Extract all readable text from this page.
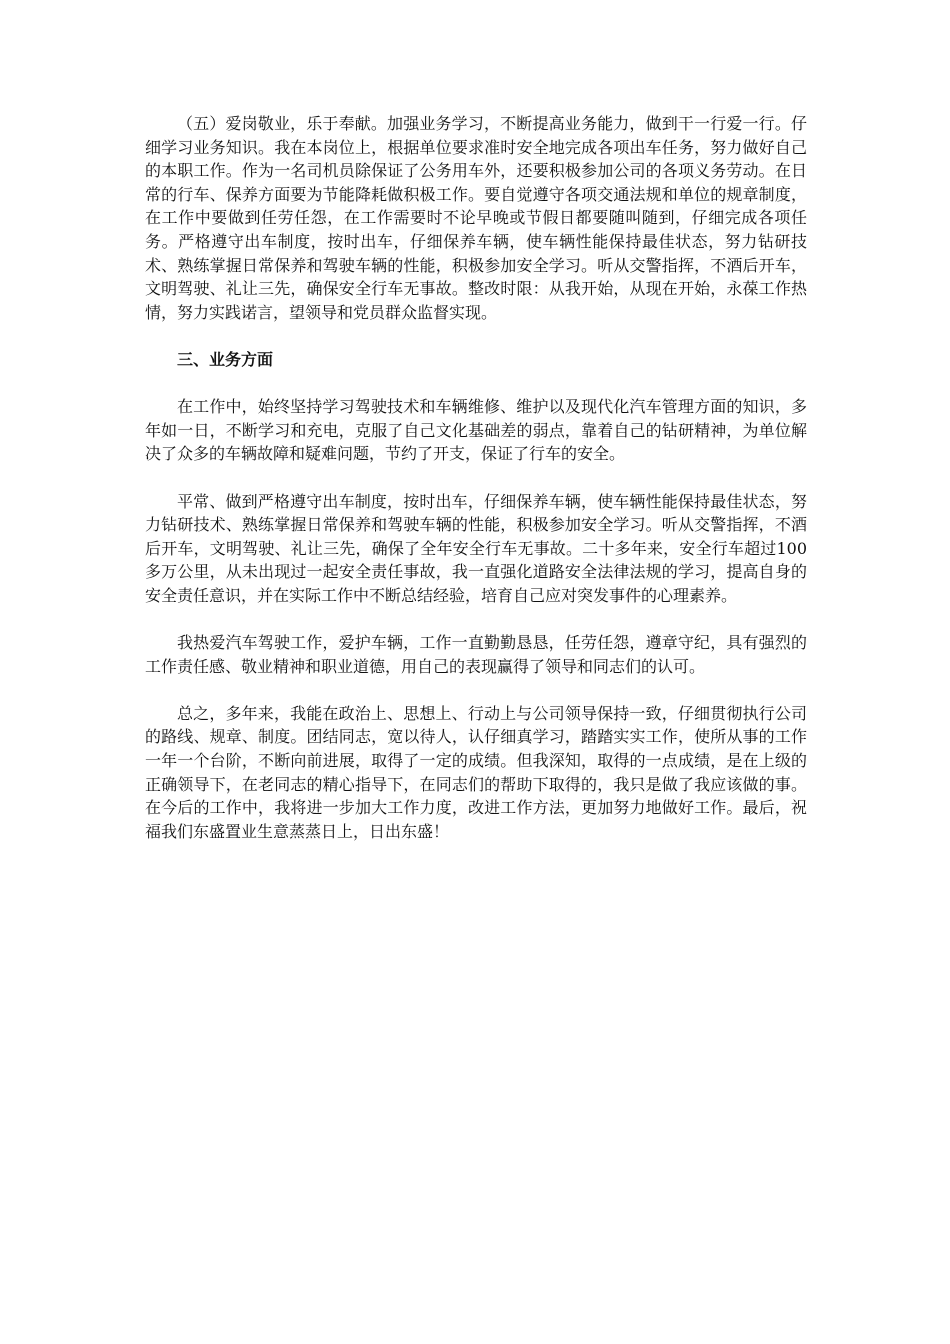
（五）爱岗敬业，乐于奉献。加强业务学习，不断提高业务能力，做到干一行爱一行。仔细学习业务知识。我在本岗位上，根据单位要求准时安全地完成各项出车任务，努力做好自己的本职工作。作为一名司机员除保证了公务用车外，还要积极参加公司的各项义务劳动。在日常的行车、保养方面要为节能降耗做积极工作。要自觉遵守各项交通法规和单位的规章制度，在工作中要做到任劳任怨，在工作需要时不论早晚或节假日都要随叫随到，仔细完成各项任务。严格遵守出车制度，按时出车，仔细保养车辆，使车辆性能保持最佳状态，努力钻研技术、熟练掌握日常保养和驾驶车辆的性能，积极参加安全学习。听从交警指挥，不酒后开车，文明驾驶、礼让三先，确保安全行车无事故。整改时限：从我开始，从现在开始，永葆工作热情，努力实践诺言，望领导和党员群众监督实现。

三、业务方面

在工作中，始终坚持学习驾驶技术和车辆维修、维护以及现代化汽车管理方面的知识，多年如一日，不断学习和充电，克服了自己文化基础差的弱点，靠着自己的钻研精神，为单位解决了众多的车辆故障和疑难问题，节约了开支，保证了行车的安全。

平常、做到严格遵守出车制度，按时出车，仔细保养车辆，使车辆性能保持最佳状态，努力钻研技术、熟练掌握日常保养和驾驶车辆的性能，积极参加安全学习。听从交警指挥，不酒后开车，文明驾驶、礼让三先，确保了全年安全行车无事故。二十多年来，安全行车超过100多万公里，从未出现过一起安全责任事故，我一直强化道路安全法律法规的学习，提高自身的安全责任意识，并在实际工作中不断总结经验，培育自己应对突发事件的心理素养。

我热爱汽车驾驶工作，爱护车辆，工作一直勤勤恳恳，任劳任怨，遵章守纪，具有强烈的工作责任感、敬业精神和职业道德，用自己的表现赢得了领导和同志们的认可。

总之，多年来，我能在政治上、思想上、行动上与公司领导保持一致，仔细贯彻执行公司的路线、规章、制度。团结同志，宽以待人，认仔细真学习，踏踏实实工作，使所从事的工作一年一个台阶，不断向前进展，取得了一定的成绩。但我深知，取得的一点成绩，是在上级的正确领导下，在老同志的精心指导下，在同志们的帮助下取得的，我只是做了我应该做的事。在今后的工作中，我将进一步加大工作力度，改进工作方法，更加努力地做好工作。最后，祝福我们东盛置业生意蒸蒸日上，日出东盛！
